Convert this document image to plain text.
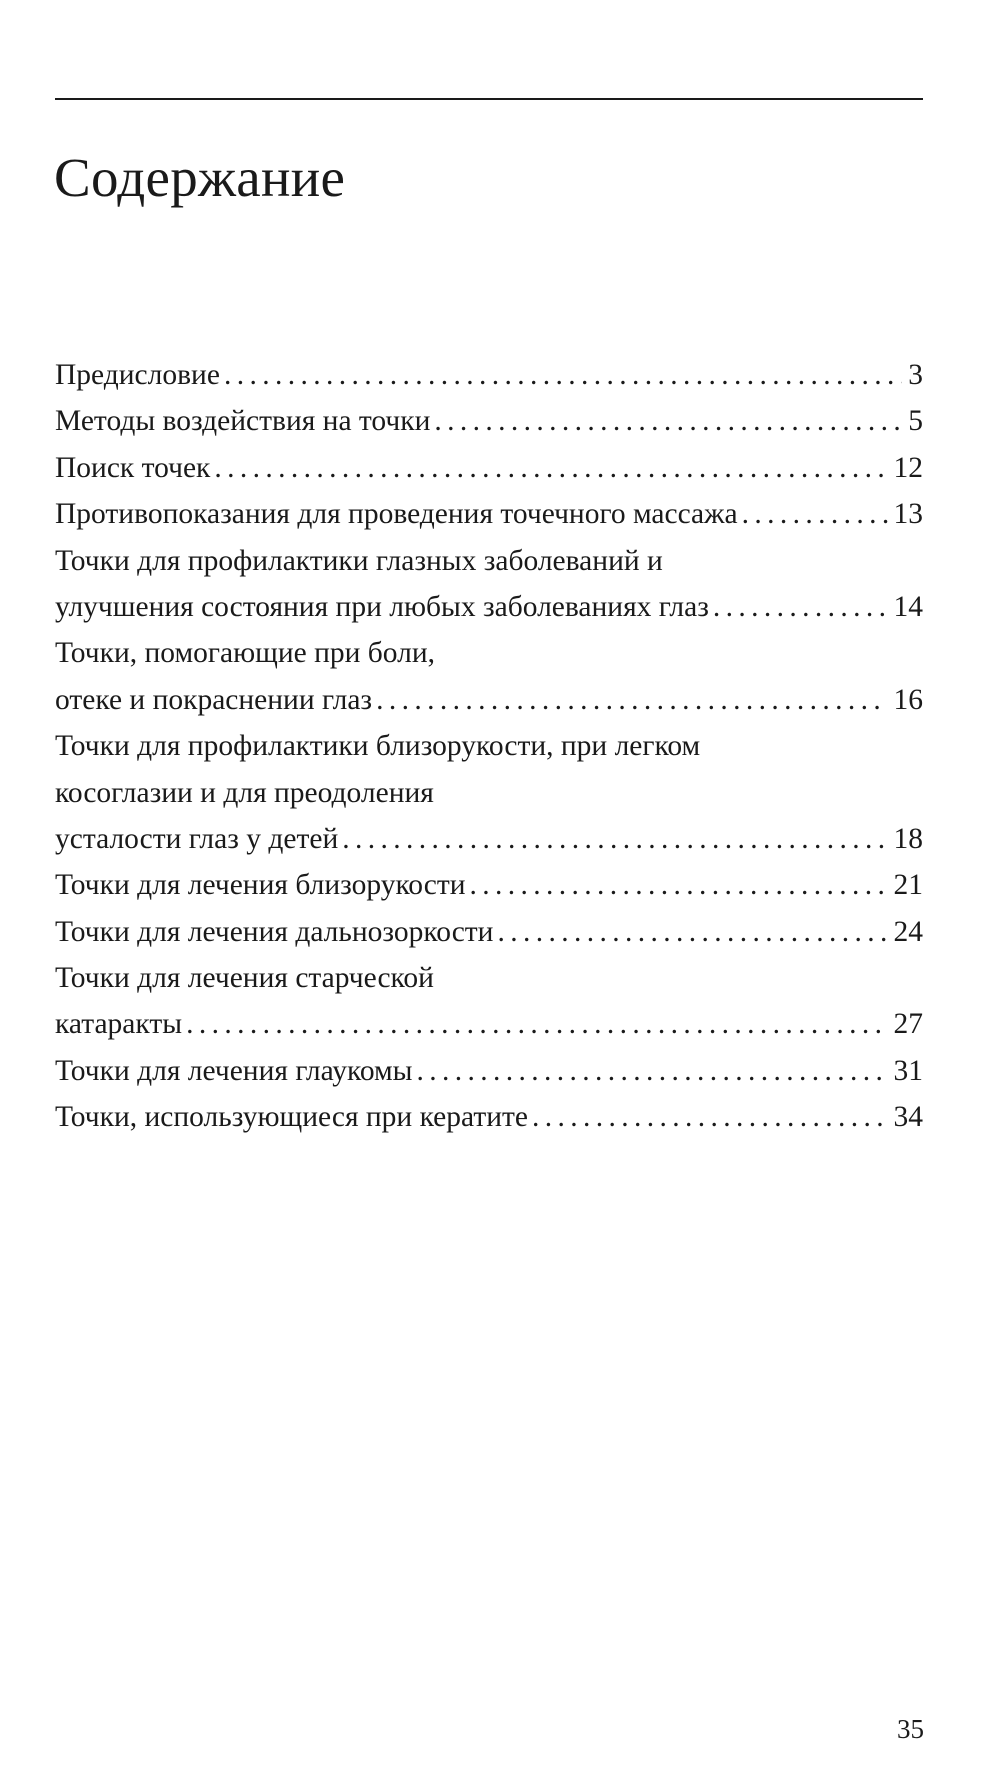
Содержание
Предисловие . . .	3
Методы воздействия на точки . . .	5
Поиск точек . . .	12
Противопоказания для проведения точечного массажа . . .	13
Точки для профилактики глазных заболеваний и
улучшения состояния при любых заболеваниях глаз . . .	14
Точки, помогающие при боли,
отеке и покраснении глаз . . .	16
Точки для профилактики близорукости, при легком
косоглазии и для преодоления
усталости глаз у детей . . .	18
Точки для лечения близорукости . . .	21
Точки для лечения дальнозоркости . . .	24
Точки для лечения старческой
катаракты . . .	27
Точки для лечения глаукомы . . .	31
Точки, использующиеся при кератите . . .	34
35
